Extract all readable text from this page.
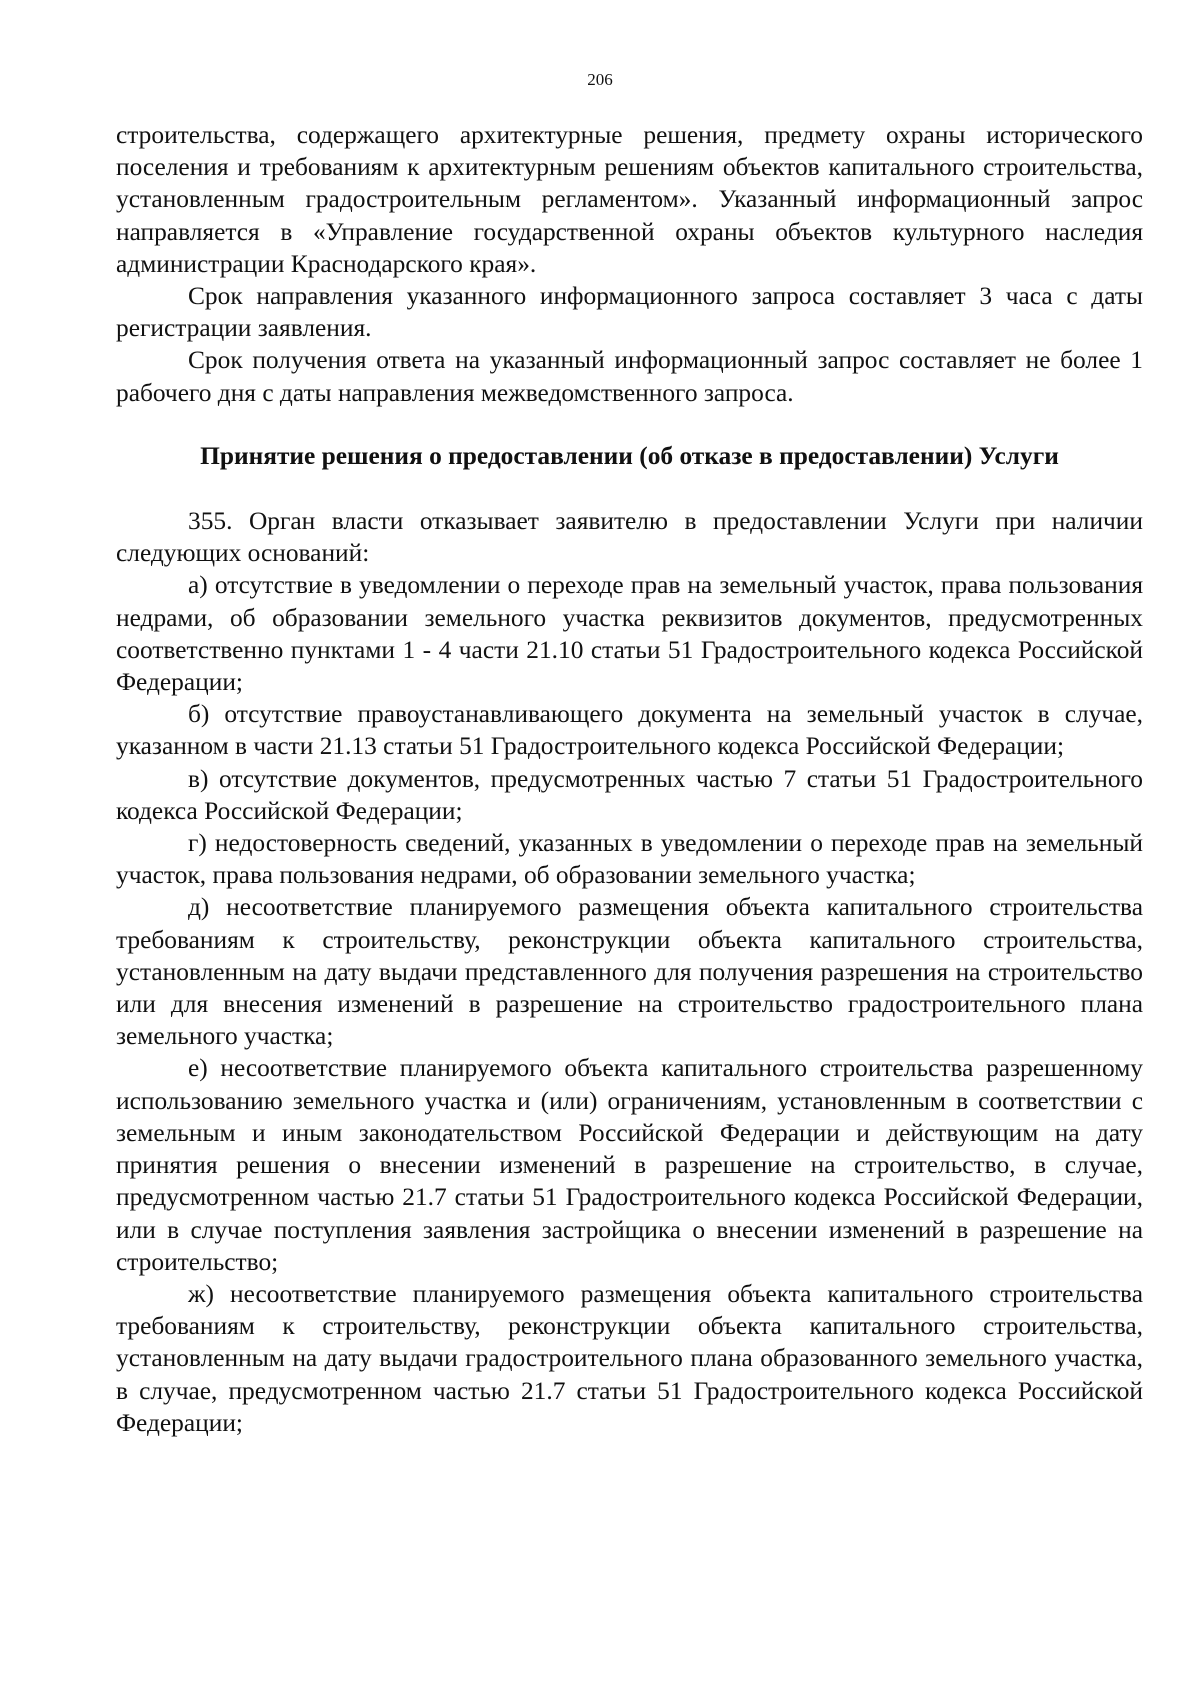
206

строительства, содержащего архитектурные решения, предмету охраны исторического поселения и требованиям к архитектурным решениям объектов капитального строительства, установленным градостроительным регламентом». Указанный информационный запрос направляется в «Управление государственной охраны объектов культурного наследия администрации Краснодарского края».

Срок направления указанного информационного запроса составляет 3 часа с даты регистрации заявления.

Срок получения ответа на указанный информационный запрос составляет не более 1 рабочего дня с даты направления межведомственного запроса.

Принятие решения о предоставлении (об отказе в предоставлении) Услуги

355. Орган власти отказывает заявителю в предоставлении Услуги при наличии следующих оснований:

а) отсутствие в уведомлении о переходе прав на земельный участок, права пользования недрами, об образовании земельного участка реквизитов документов, предусмотренных соответственно пунктами 1 - 4 части 21.10 статьи 51 Градостроительного кодекса Российской Федерации;

б) отсутствие правоустанавливающего документа на земельный участок в случае, указанном в части 21.13 статьи 51 Градостроительного кодекса Российской Федерации;

в) отсутствие документов, предусмотренных частью 7 статьи 51 Градостроительного кодекса Российской Федерации;

г) недостоверность сведений, указанных в уведомлении о переходе прав на земельный участок, права пользования недрами, об образовании земельного участка;

д) несоответствие планируемого размещения объекта капитального строительства требованиям к строительству, реконструкции объекта капитального строительства, установленным на дату выдачи представленного для получения разрешения на строительство или для внесения изменений в разрешение на строительство градостроительного плана земельного участка;

е) несоответствие планируемого объекта капитального строительства разрешенному использованию земельного участка и (или) ограничениям, установленным в соответствии с земельным и иным законодательством Российской Федерации и действующим на дату принятия решения о внесении изменений в разрешение на строительство, в случае, предусмотренном частью 21.7 статьи 51 Градостроительного кодекса Российской Федерации, или в случае поступления заявления застройщика о внесении изменений в разрешение на строительство;

ж) несоответствие планируемого размещения объекта капитального строительства требованиям к строительству, реконструкции объекта капитального строительства, установленным на дату выдачи градостроительного плана образованного земельного участка, в случае, предусмотренном частью 21.7 статьи 51 Градостроительного кодекса Российской Федерации;
